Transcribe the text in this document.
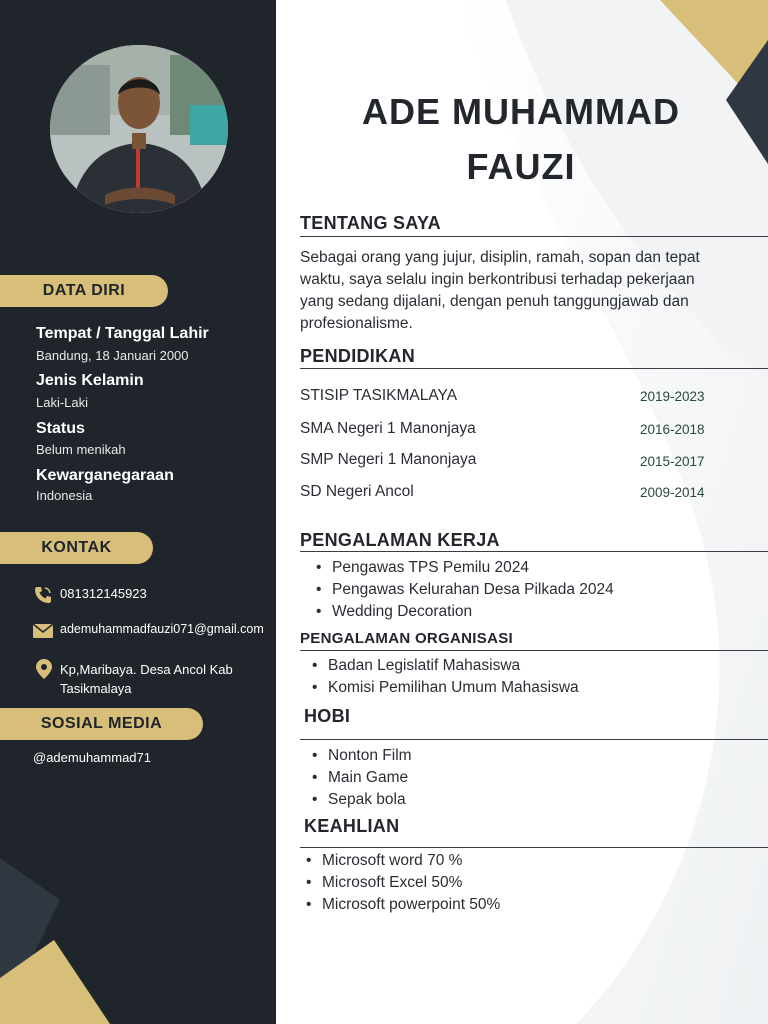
DATA DIRI
Tempat / Tanggal Lahir
Bandung, 18 Januari 2000
Jenis Kelamin
Laki-Laki
Status
Belum menikah
Kewarganegaraan
Indonesia
KONTAK
081312145923
ademuhammadfauzi071@gmail.com
Kp,Maribaya. Desa Ancol Kab
Tasikmalaya
SOSIAL MEDIA
@ademuhammad71
ADE MUHAMMAD
FAUZI
TENTANG SAYA
Sebagai orang yang jujur, disiplin, ramah, sopan dan tepat
waktu, saya selalu ingin berkontribusi terhadap pekerjaan
yang sedang dijalani, dengan penuh tanggungjawab dan
profesionalisme.
PENDIDIKAN
STISIP TASIKMALAYA	2019-2023
SMA Negeri 1 Manonjaya	2016-2018
SMP Negeri 1 Manonjaya	2015-2017
SD Negeri Ancol	2009-2014
PENGALAMAN KERJA
• Pengawas TPS Pemilu 2024
• Pengawas Kelurahan Desa Pilkada 2024
• Wedding Decoration
PENGALAMAN ORGANISASI
• Badan Legislatif Mahasiswa
• Komisi Pemilihan Umum Mahasiswa
HOBI
• Nonton Film
• Main Game
• Sepak bola
KEAHLIAN
• Microsoft word 70 %
• Microsoft Excel 50%
• Microsoft powerpoint 50%
